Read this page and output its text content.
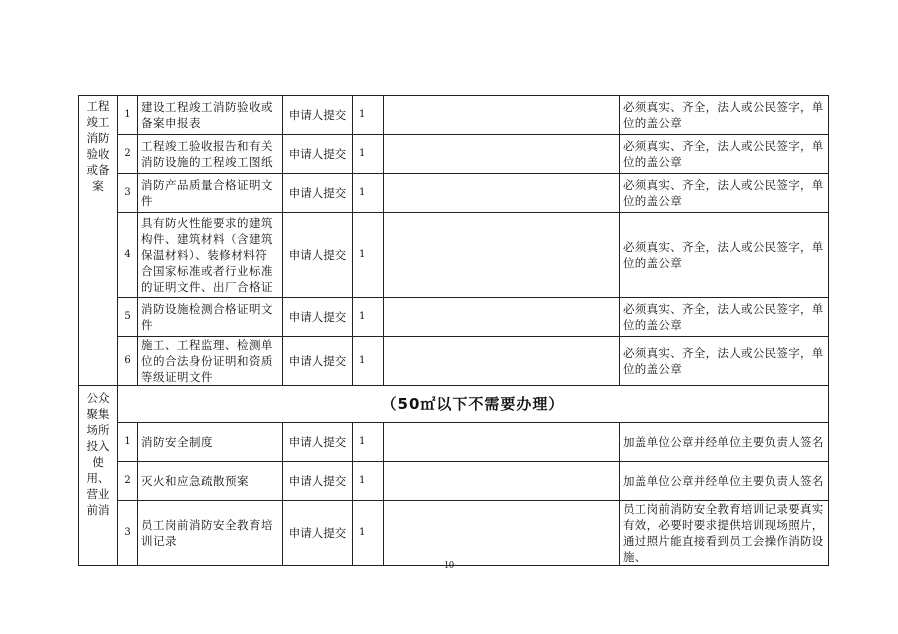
工程竣工消防验收或备案	1	建设工程竣工消防验收或备案申报表	申请人提交	1		必须真实、齐全，法人或公民签字，单位的盖公章
	2	工程竣工验收报告和有关消防设施的工程竣工图纸	申请人提交	1		必须真实、齐全，法人或公民签字，单位的盖公章
	3	消防产品质量合格证明文件	申请人提交	1		必须真实、齐全，法人或公民签字，单位的盖公章
	4	具有防火性能要求的建筑构件、建筑材料（含建筑保温材料）、装修材料符合国家标准或者行业标准的证明文件、出厂合格证	申请人提交	1		必须真实、齐全，法人或公民签字，单位的盖公章
	5	消防设施检测合格证明文件	申请人提交	1		必须真实、齐全，法人或公民签字，单位的盖公章
	6	施工、工程监理、检测单位的合法身份证明和资质等级证明文件	申请人提交	1		必须真实、齐全，法人或公民签字，单位的盖公章
公众聚集场所投入使用、营业前消	（50㎡以下不需要办理）					
	1	消防安全制度	申请人提交	1		加盖单位公章并经单位主要负责人签名
	2	灭火和应急疏散预案	申请人提交	1		加盖单位公章并经单位主要负责人签名
	3	员工岗前消防安全教育培训记录	申请人提交	1		员工岗前消防安全教育培训记录要真实有效，必要时要求提供培训现场照片，通过照片能直接看到员工会操作消防设施、
10
